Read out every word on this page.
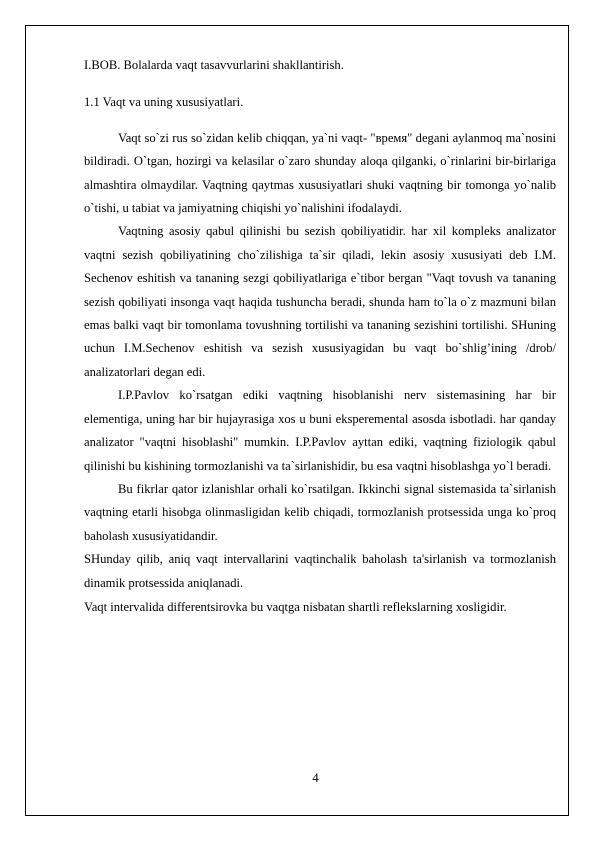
I.BOB. Bolalarda vaqt tasavvurlarini shakllantirish.

1.1 Vaqt va uning xususiyatlari.

Vaqt so`zi rus so`zidan kelib chiqqan, ya`ni vaqt- "время" degani aylanmoq ma`nosini bildiradi. O`tgan, hozirgi va kelasilar o`zaro shunday aloqa qilganki, o`rinlarini bir-birlariga almashtira olmaydilar. Vaqtning qaytmas xususiyatlari shuki vaqtning bir tomonga yo`nalib o`tishi, u tabiat va jamiyatning chiqishi yo`nalishini ifodalaydi.

Vaqtning asosiy qabul qilinishi bu sezish qobiliyatidir. har xil kompleks analizator vaqtni sezish qobiliyatining cho`zilishiga ta`sir qiladi, lekin asosiy xususiyati deb I.M. Sechenov eshitish va tananing sezgi qobiliyatlariga e`tibor bergan "Vaqt tovush va tananing sezish qobiliyati insonga vaqt haqida tushuncha beradi, shunda ham to`la o`z mazmuni bilan emas balki vaqt bir tomonlama tovushning tortilishi va tananing sezishini tortilishi. SHuning uchun I.M.Sechenov eshitish va sezish xususiyagidan bu vaqt bo`shlig’ining /drob/ analizatorlari degan edi.

I.P.Pavlov ko`rsatgan ediki vaqtning hisoblanishi nerv sistemasining har bir elementiga, uning har bir hujayrasiga xos u buni eksperemental asosda isbotladi. har qanday analizator "vaqtni hisoblashi" mumkin. I.P.Pavlov ayttan ediki, vaqtning fiziologik qabul qilinishi bu kishining tormozlanishi va ta`sirlanishidir, bu esa vaqtni hisoblashga yo`l beradi.

Bu fikrlar qator izlanishlar orhali ko`rsatilgan. Ikkinchi signal sistemasida ta`sirlanish vaqtning etarli hisobga olinmasligidan kelib chiqadi, tormozlanish protsessida unga ko`proq baholash xususiyatidandir.

SHunday qilib, aniq vaqt intervallarini vaqtinchalik baholash ta'sirlanish va tormozlanish dinamik protsessida aniqlanadi.

Vaqt intervalida differentsirovka bu vaqtga nisbatan shartli reflekslarning xosligidir.

4
